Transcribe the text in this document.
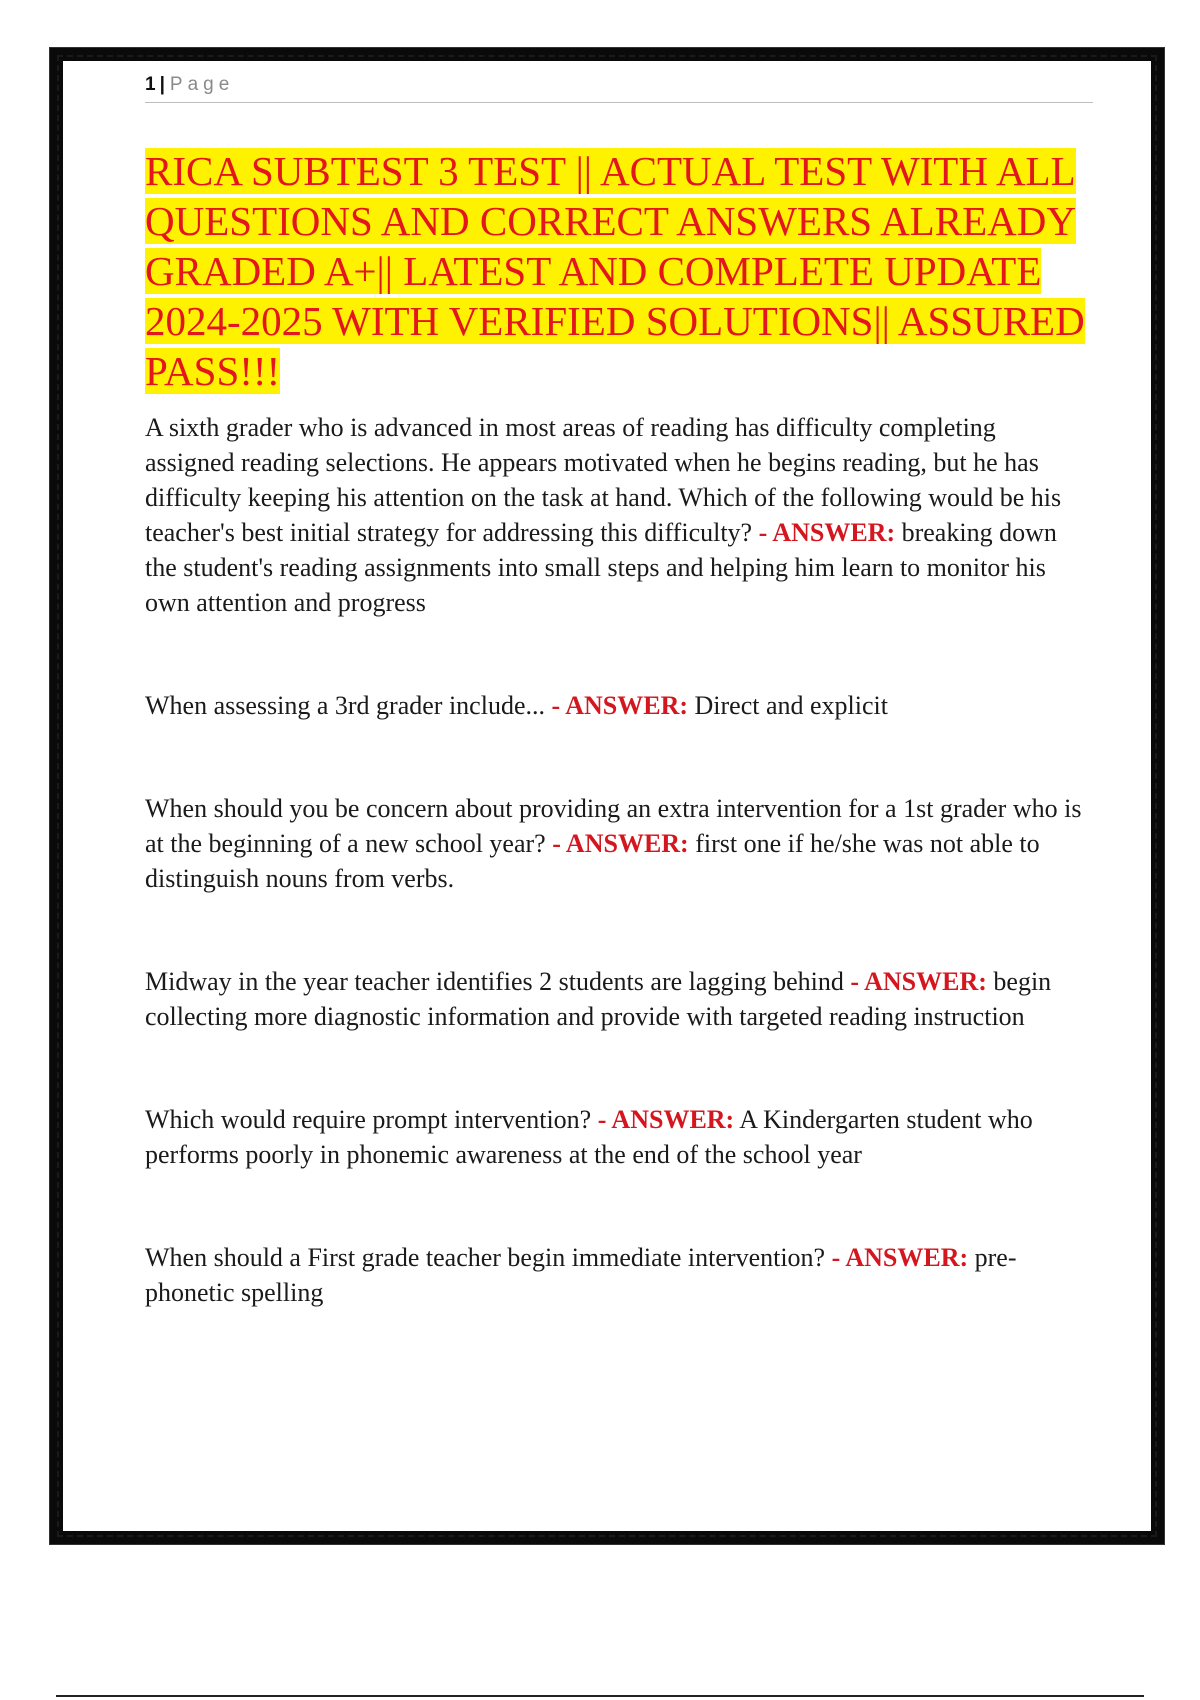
1 | Page
RICA SUBTEST 3 TEST || ACTUAL TEST WITH ALL QUESTIONS AND CORRECT ANSWERS ALREADY GRADED A+|| LATEST AND COMPLETE UPDATE 2024-2025 WITH VERIFIED SOLUTIONS|| ASSURED PASS!!!

A sixth grader who is advanced in most areas of reading has difficulty completing assigned reading selections. He appears motivated when he begins reading, but he has difficulty keeping his attention on the task at hand. Which of the following would be his teacher's best initial strategy for addressing this difficulty? - ANSWER: breaking down the student's reading assignments into small steps and helping him learn to monitor his own attention and progress

When assessing a 3rd grader include... - ANSWER: Direct and explicit

When should you be concern about providing an extra intervention for a 1st grader who is at the beginning of a new school year? - ANSWER: first one if he/she was not able to distinguish nouns from verbs.

Midway in the year teacher identifies 2 students are lagging behind - ANSWER: begin collecting more diagnostic information and provide with targeted reading instruction

Which would require prompt intervention? - ANSWER: A Kindergarten student who performs poorly in phonemic awareness at the end of the school year

When should a First grade teacher begin immediate intervention? - ANSWER: pre-phonetic spelling
